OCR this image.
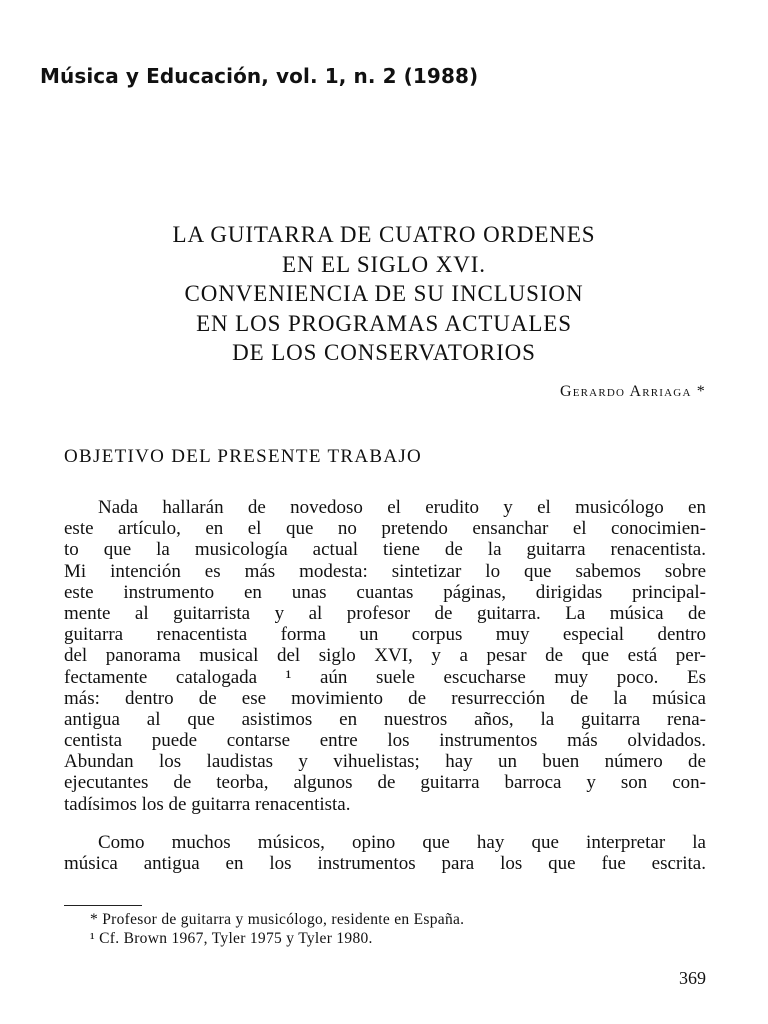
Música y Educación, vol. 1, n. 2 (1988)
LA GUITARRA DE CUATRO ORDENES
EN EL SIGLO XVI.
CONVENIENCIA DE SU INCLUSION
EN LOS PROGRAMAS ACTUALES
DE LOS CONSERVATORIOS
Gerardo Arriaga *
OBJETIVO DEL PRESENTE TRABAJO
Nada hallarán de novedoso el erudito y el musicólogo en
este artículo, en el que no pretendo ensanchar el conocimien-
to que la musicología actual tiene de la guitarra renacentista.
Mi intención es más modesta: sintetizar lo que sabemos sobre
este instrumento en unas cuantas páginas, dirigidas principal-
mente al guitarrista y al profesor de guitarra. La música de
guitarra renacentista forma un corpus muy especial dentro
del panorama musical del siglo XVI, y a pesar de que está per-
fectamente catalogada ¹ aún suele escucharse muy poco. Es
más: dentro de ese movimiento de resurrección de la música
antigua al que asistimos en nuestros años, la guitarra rena-
centista puede contarse entre los instrumentos más olvidados.
Abundan los laudistas y vihuelistas; hay un buen número de
ejecutantes de teorba, algunos de guitarra barroca y son con-
tadísimos los de guitarra renacentista.
Como muchos músicos, opino que hay que interpretar la
música antigua en los instrumentos para los que fue escrita.
* Profesor de guitarra y musicólogo, residente en España.
¹ Cf. Brown 1967, Tyler 1975 y Tyler 1980.
369
